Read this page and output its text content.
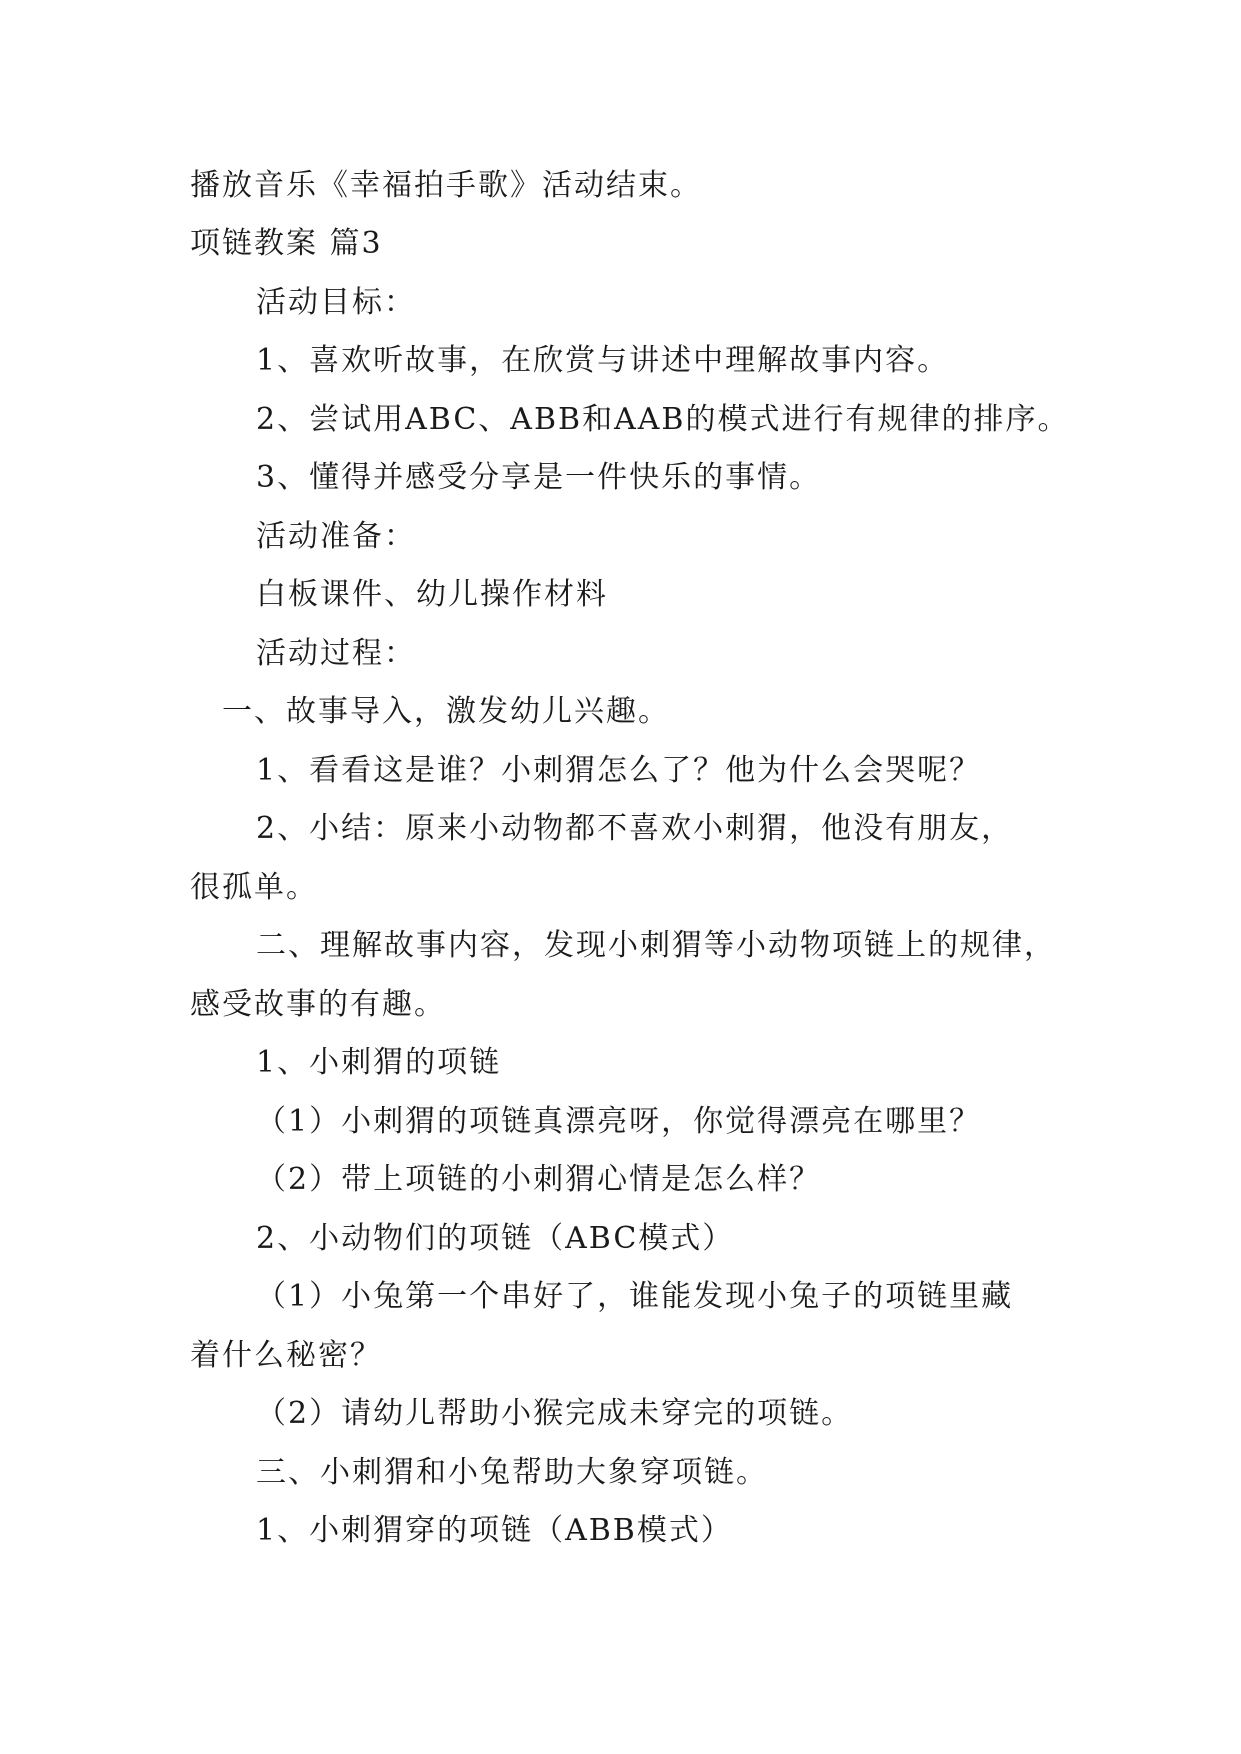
播放音乐《幸福拍手歌》活动结束。
项链教案 篇3
活动目标：
1、喜欢听故事，在欣赏与讲述中理解故事内容。
2、尝试用ABC、ABB和AAB的模式进行有规律的排序。
3、懂得并感受分享是一件快乐的事情。
活动准备：
白板课件、幼儿操作材料
活动过程：
一、故事导入，激发幼儿兴趣。
1、看看这是谁？小刺猬怎么了？他为什么会哭呢？
2、小结：原来小动物都不喜欢小刺猬，他没有朋友，
很孤单。
二、理解故事内容，发现小刺猬等小动物项链上的规律，
感受故事的有趣。
1、小刺猬的项链
（1）小刺猬的项链真漂亮呀，你觉得漂亮在哪里？
（2）带上项链的小刺猬心情是怎么样？
2、小动物们的项链（ABC模式）
（1）小兔第一个串好了，谁能发现小兔子的项链里藏
着什么秘密？
（2）请幼儿帮助小猴完成未穿完的项链。
三、小刺猬和小兔帮助大象穿项链。
1、小刺猬穿的项链（ABB模式）
